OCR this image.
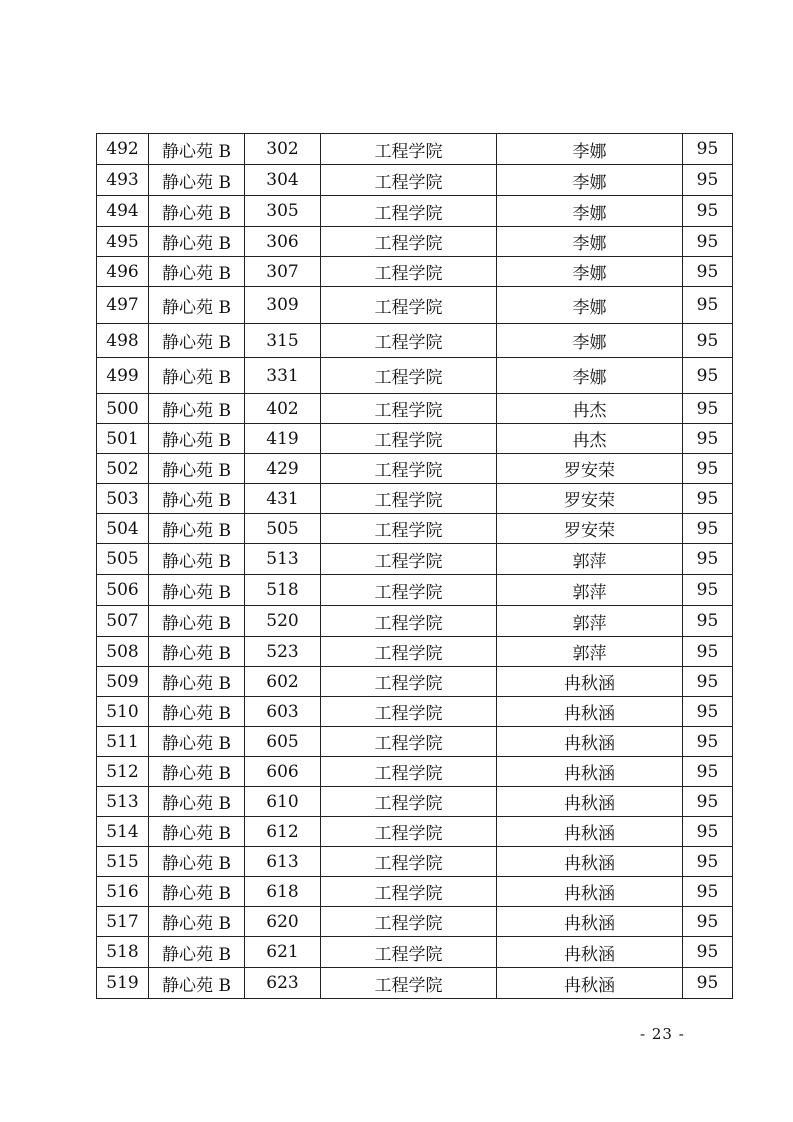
492	静心苑 B	302	工程学院	李娜	95
493	静心苑 B	304	工程学院	李娜	95
494	静心苑 B	305	工程学院	李娜	95
495	静心苑 B	306	工程学院	李娜	95
496	静心苑 B	307	工程学院	李娜	95
497	静心苑 B	309	工程学院	李娜	95
498	静心苑 B	315	工程学院	李娜	95
499	静心苑 B	331	工程学院	李娜	95
500	静心苑 B	402	工程学院	冉杰	95
501	静心苑 B	419	工程学院	冉杰	95
502	静心苑 B	429	工程学院	罗安荣	95
503	静心苑 B	431	工程学院	罗安荣	95
504	静心苑 B	505	工程学院	罗安荣	95
505	静心苑 B	513	工程学院	郭萍	95
506	静心苑 B	518	工程学院	郭萍	95
507	静心苑 B	520	工程学院	郭萍	95
508	静心苑 B	523	工程学院	郭萍	95
509	静心苑 B	602	工程学院	冉秋涵	95
510	静心苑 B	603	工程学院	冉秋涵	95
511	静心苑 B	605	工程学院	冉秋涵	95
512	静心苑 B	606	工程学院	冉秋涵	95
513	静心苑 B	610	工程学院	冉秋涵	95
514	静心苑 B	612	工程学院	冉秋涵	95
515	静心苑 B	613	工程学院	冉秋涵	95
516	静心苑 B	618	工程学院	冉秋涵	95
517	静心苑 B	620	工程学院	冉秋涵	95
518	静心苑 B	621	工程学院	冉秋涵	95
519	静心苑 B	623	工程学院	冉秋涵	95
- 23 -
